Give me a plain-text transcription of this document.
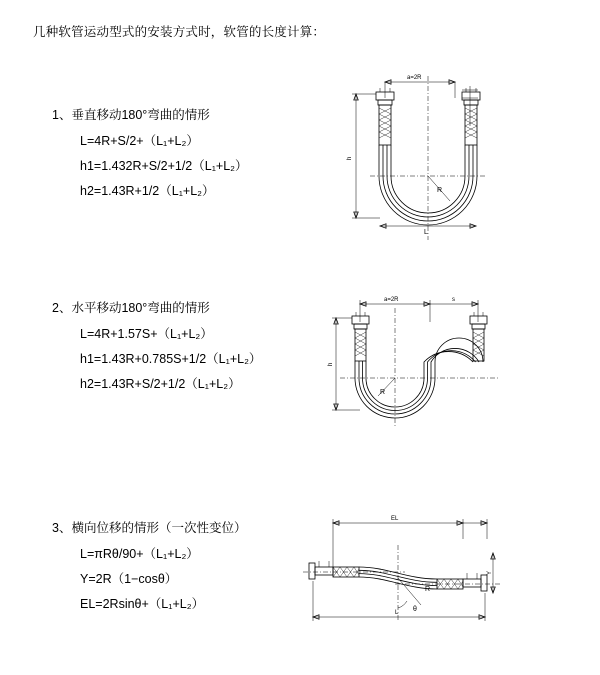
几种软管运动型式的安装方式时，软管的长度计算：
1、垂直移动180°弯曲的情形
L=4R+S/2+（L₁+L₂）
h1=1.432R+S/2+1/2（L₁+L₂）
h2=1.43R+1/2（L₁+L₂）
a=2R
R
L
h
2、水平移动180°弯曲的情形
L=4R+1.57S+（L₁+L₂）
h1=1.43R+0.785S+1/2（L₁+L₂）
h2=1.43R+S/2+1/2（L₁+L₂）
a=2R	s
R
h
3、横向位移的情形（一次性变位）
L=πRθ/90+（L₁+L₂）
Y=2R（1−cosθ）
EL=2Rsinθ+（L₁+L₂）
EL
θ
R
Y
L
